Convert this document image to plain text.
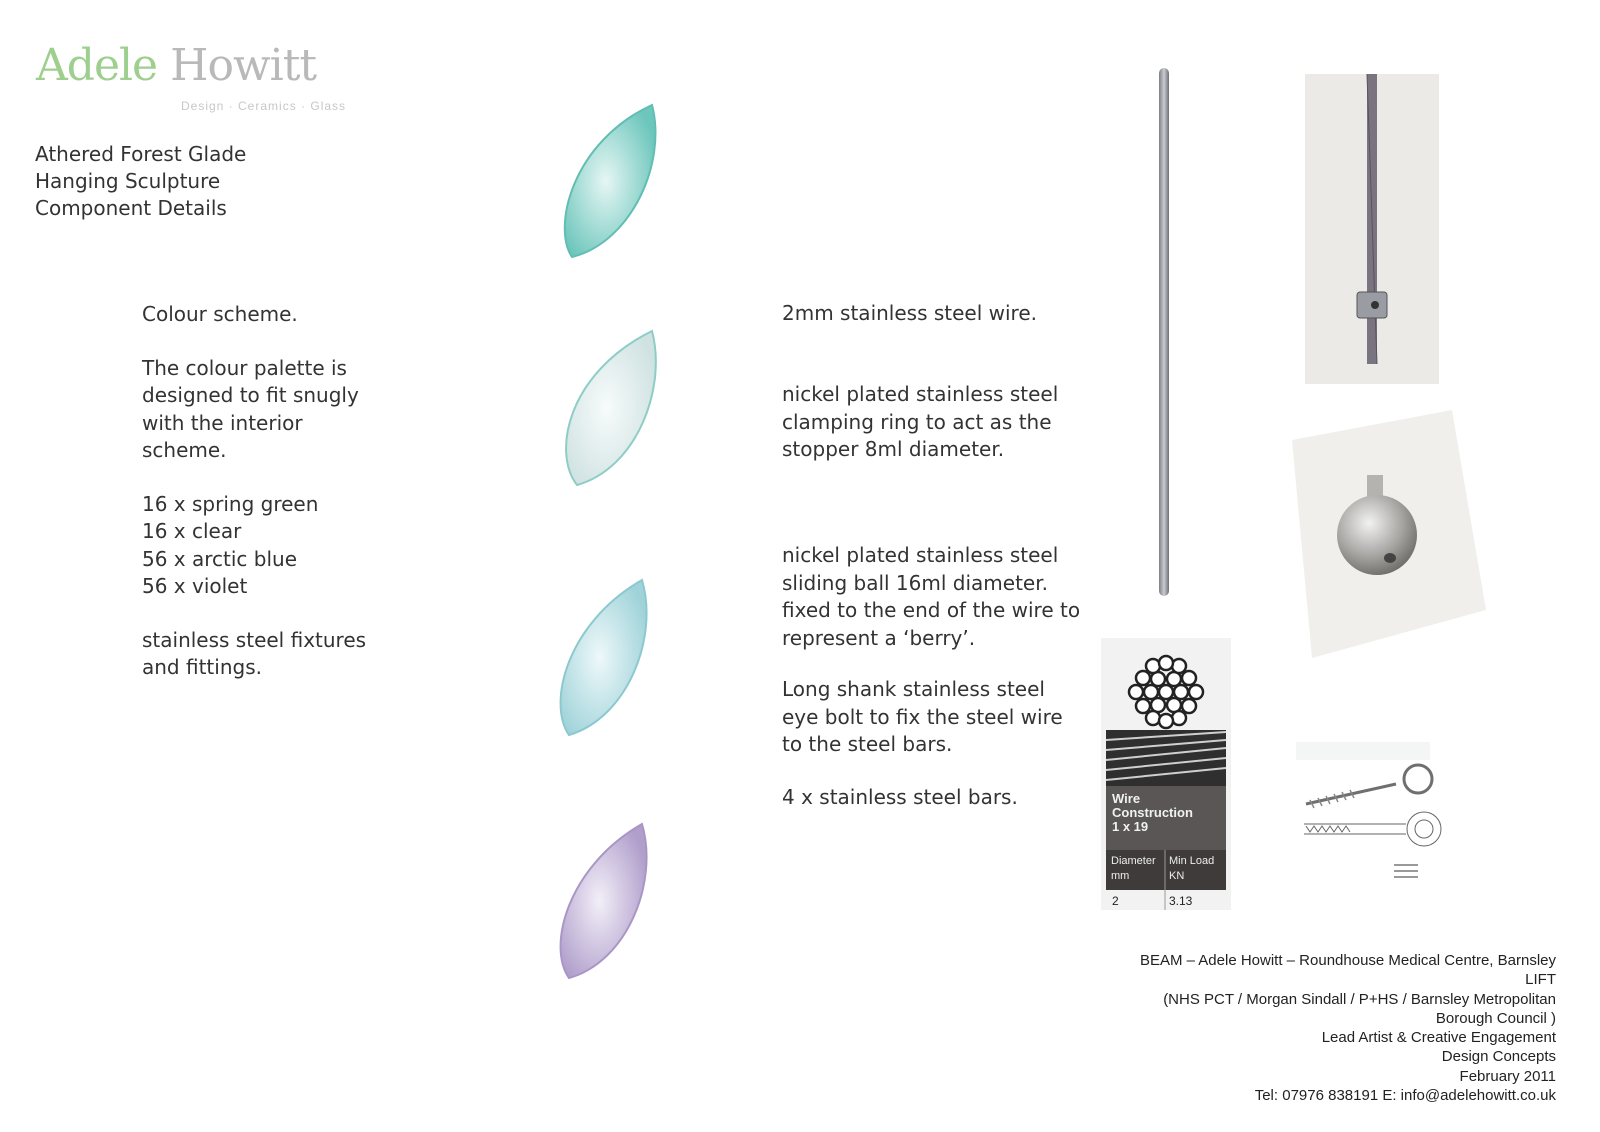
Adele Howitt
Design · Ceramics · Glass
Athered Forest Glade
Hanging Sculpture
Component Details

Colour scheme.

The colour palette is
designed to fit snugly
with the interior
scheme.

16 x spring green
16 x clear
56 x arctic blue
56 x violet

stainless steel fixtures
and fittings.

2mm stainless steel wire.
nickel plated stainless steel
clamping ring to act as the
stopper 8ml diameter.
nickel plated stainless steel
sliding ball 16ml diameter.
fixed to the end of the wire to
represent a ‘berry’.
Long shank stainless steel
eye bolt to fix the steel wire
to the steel bars.
4 x stainless steel bars.	Wire
Construction
1 x 19
Diameter
mm
Min Load
KN
2	3.13
BEAM – Adele Howitt – Roundhouse Medical Centre, Barnsley
LIFT
(NHS PCT / Morgan Sindall / P+HS / Barnsley Metropolitan
Borough Council )
Lead Artist & Creative Engagement
Design Concepts
February 2011
Tel: 07976 838191 E: info@adelehowitt.co.uk
